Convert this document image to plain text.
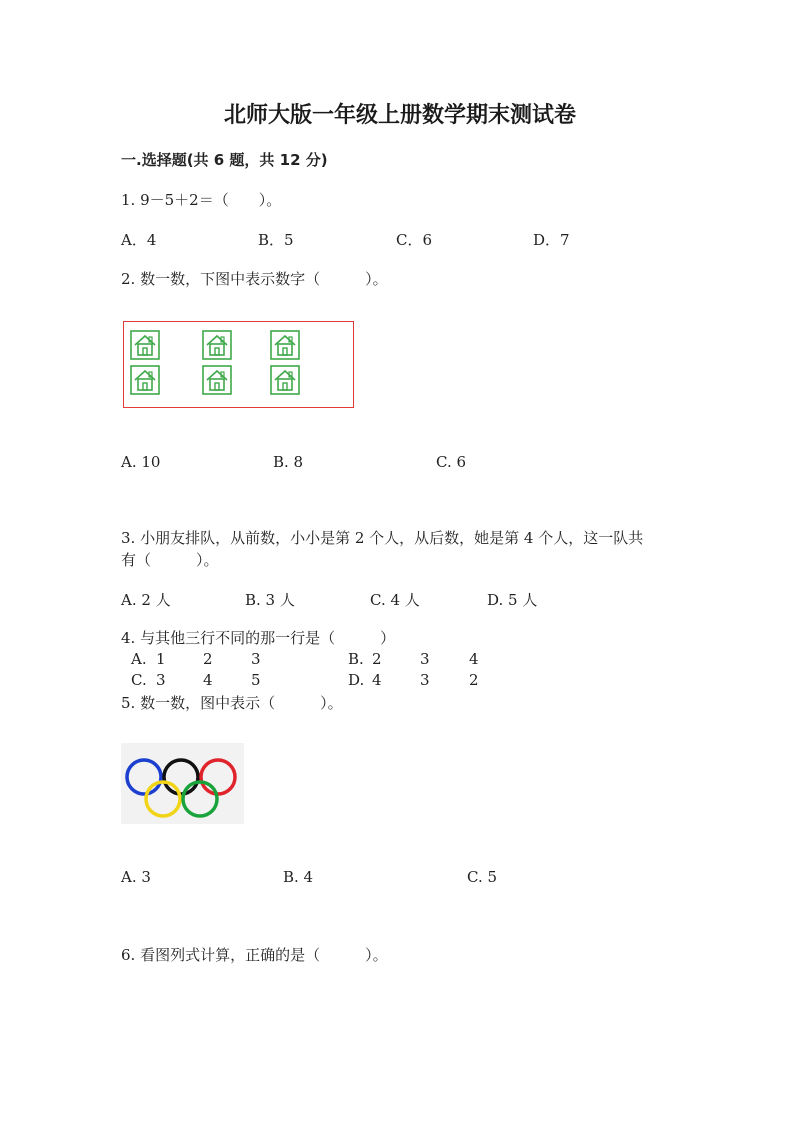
北师大版一年级上册数学期末测试卷
一.选择题(共 6 题，共 12 分)
1. 9－5＋2＝（　　）。
A．4	B．5	C．6	D．7
2. 数一数，下图中表示数字（　　　）。
A. 10	B. 8	C. 6
3. 小朋友排队，从前数，小小是第 2 个人，从后数，她是第 4 个人，这一队共
有（　　　）。
A. 2 人	B. 3 人	C. 4 人	D. 5 人
4. 与其他三行不同的那一行是（　　　）
A. 1 2	3	B. 2	3	4
C. 3 4	5	D. 4	3	2
5. 数一数，图中表示（　　　）。
A. 3	B. 4	C. 5
6. 看图列式计算，正确的是（　　　）。
